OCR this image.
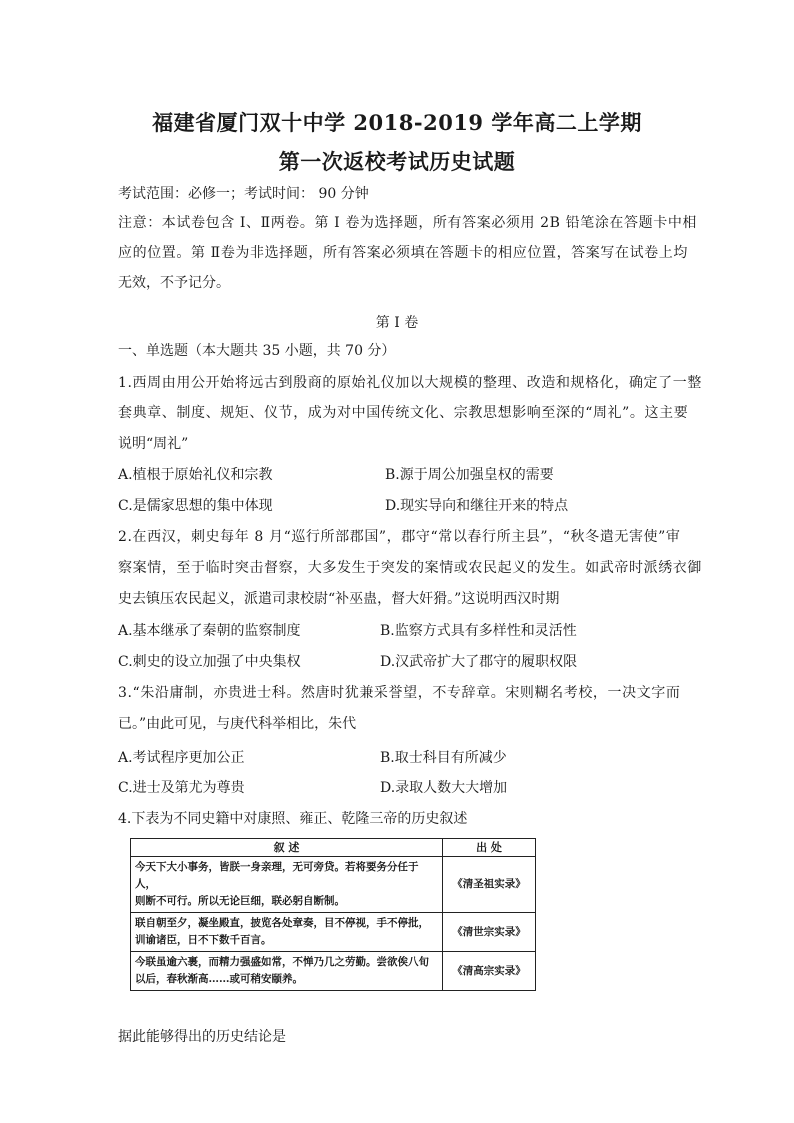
福建省厦门双十中学 2018-2019 学年高二上学期
第一次返校考试历史试题
考试范围：必修一；考试时间： 90 分钟
注意：本试卷包含 I、Ⅱ两卷。第 I 卷为选择题，所有答案必须用 2B 铅笔涂在答题卡中相
应的位置。第 Ⅱ卷为非选择题，所有答案必须填在答题卡的相应位置，答案写在试卷上均
无效，不予记分。
第 I 卷
一、单选题（本大题共 35 小题，共 70 分）
1.西周由用公开始将远古到殷商的原始礼仪加以大规模的整理、改造和规格化，确定了一整
套典章、制度、规矩、仪节，成为对中国传统文化、宗教思想影响至深的“周礼”。这主要
说明“周礼”
A.植根于原始礼仪和宗教	B.源于周公加强皇权的需要
C.是儒家思想的集中体现	D.现实导向和继往开来的特点
2.在西汉，刺史每年 8 月“巡行所部郡国”，郡守“常以春行所主县”，“秋冬遣无害使”审
察案情，至于临时突击督察，大多发生于突发的案情或农民起义的发生。如武帝时派绣衣御
史去镇压农民起义，派遣司隶校尉“补巫蛊，督大奸猾。”这说明西汉时期
A.基本继承了秦朝的监察制度	B.监察方式具有多样性和灵活性
C.刺史的设立加强了中央集权	D.汉武帝扩大了郡守的履职权限
3.“朱沿庸制，亦贵进士科。然唐时犹兼采誉望，不专辞章。宋则糊名考校，一决文字而
已。”由此可见，与庚代科举相比，朱代
A.考试程序更加公正	B.取士科目有所减少
C.进士及第尤为尊贵	D.录取人数大大增加
4.下表为不同史籍中对康照、雍正、乾隆三帝的历史叙述
叙 述	出 处

今天下大小事务，皆朕一身亲理，无可旁贷。若将要务分任于人，
则断不可行。所以无论巨细，联必躬自断制。	《清圣祖实录》

联自朝至夕，凝坐殿直，披览各处章奏，目不停视，手不停批，
训谕诸臣，日不下数千百言。	《清世宗实录》

今联虽逾六裹，而精力强盛如常，不惮乃几之劳勤。尝欲俟八旬
以后，春秋渐高……或可稍安颐养。	《清高宗实录》
据此能够得出的历史结论是
